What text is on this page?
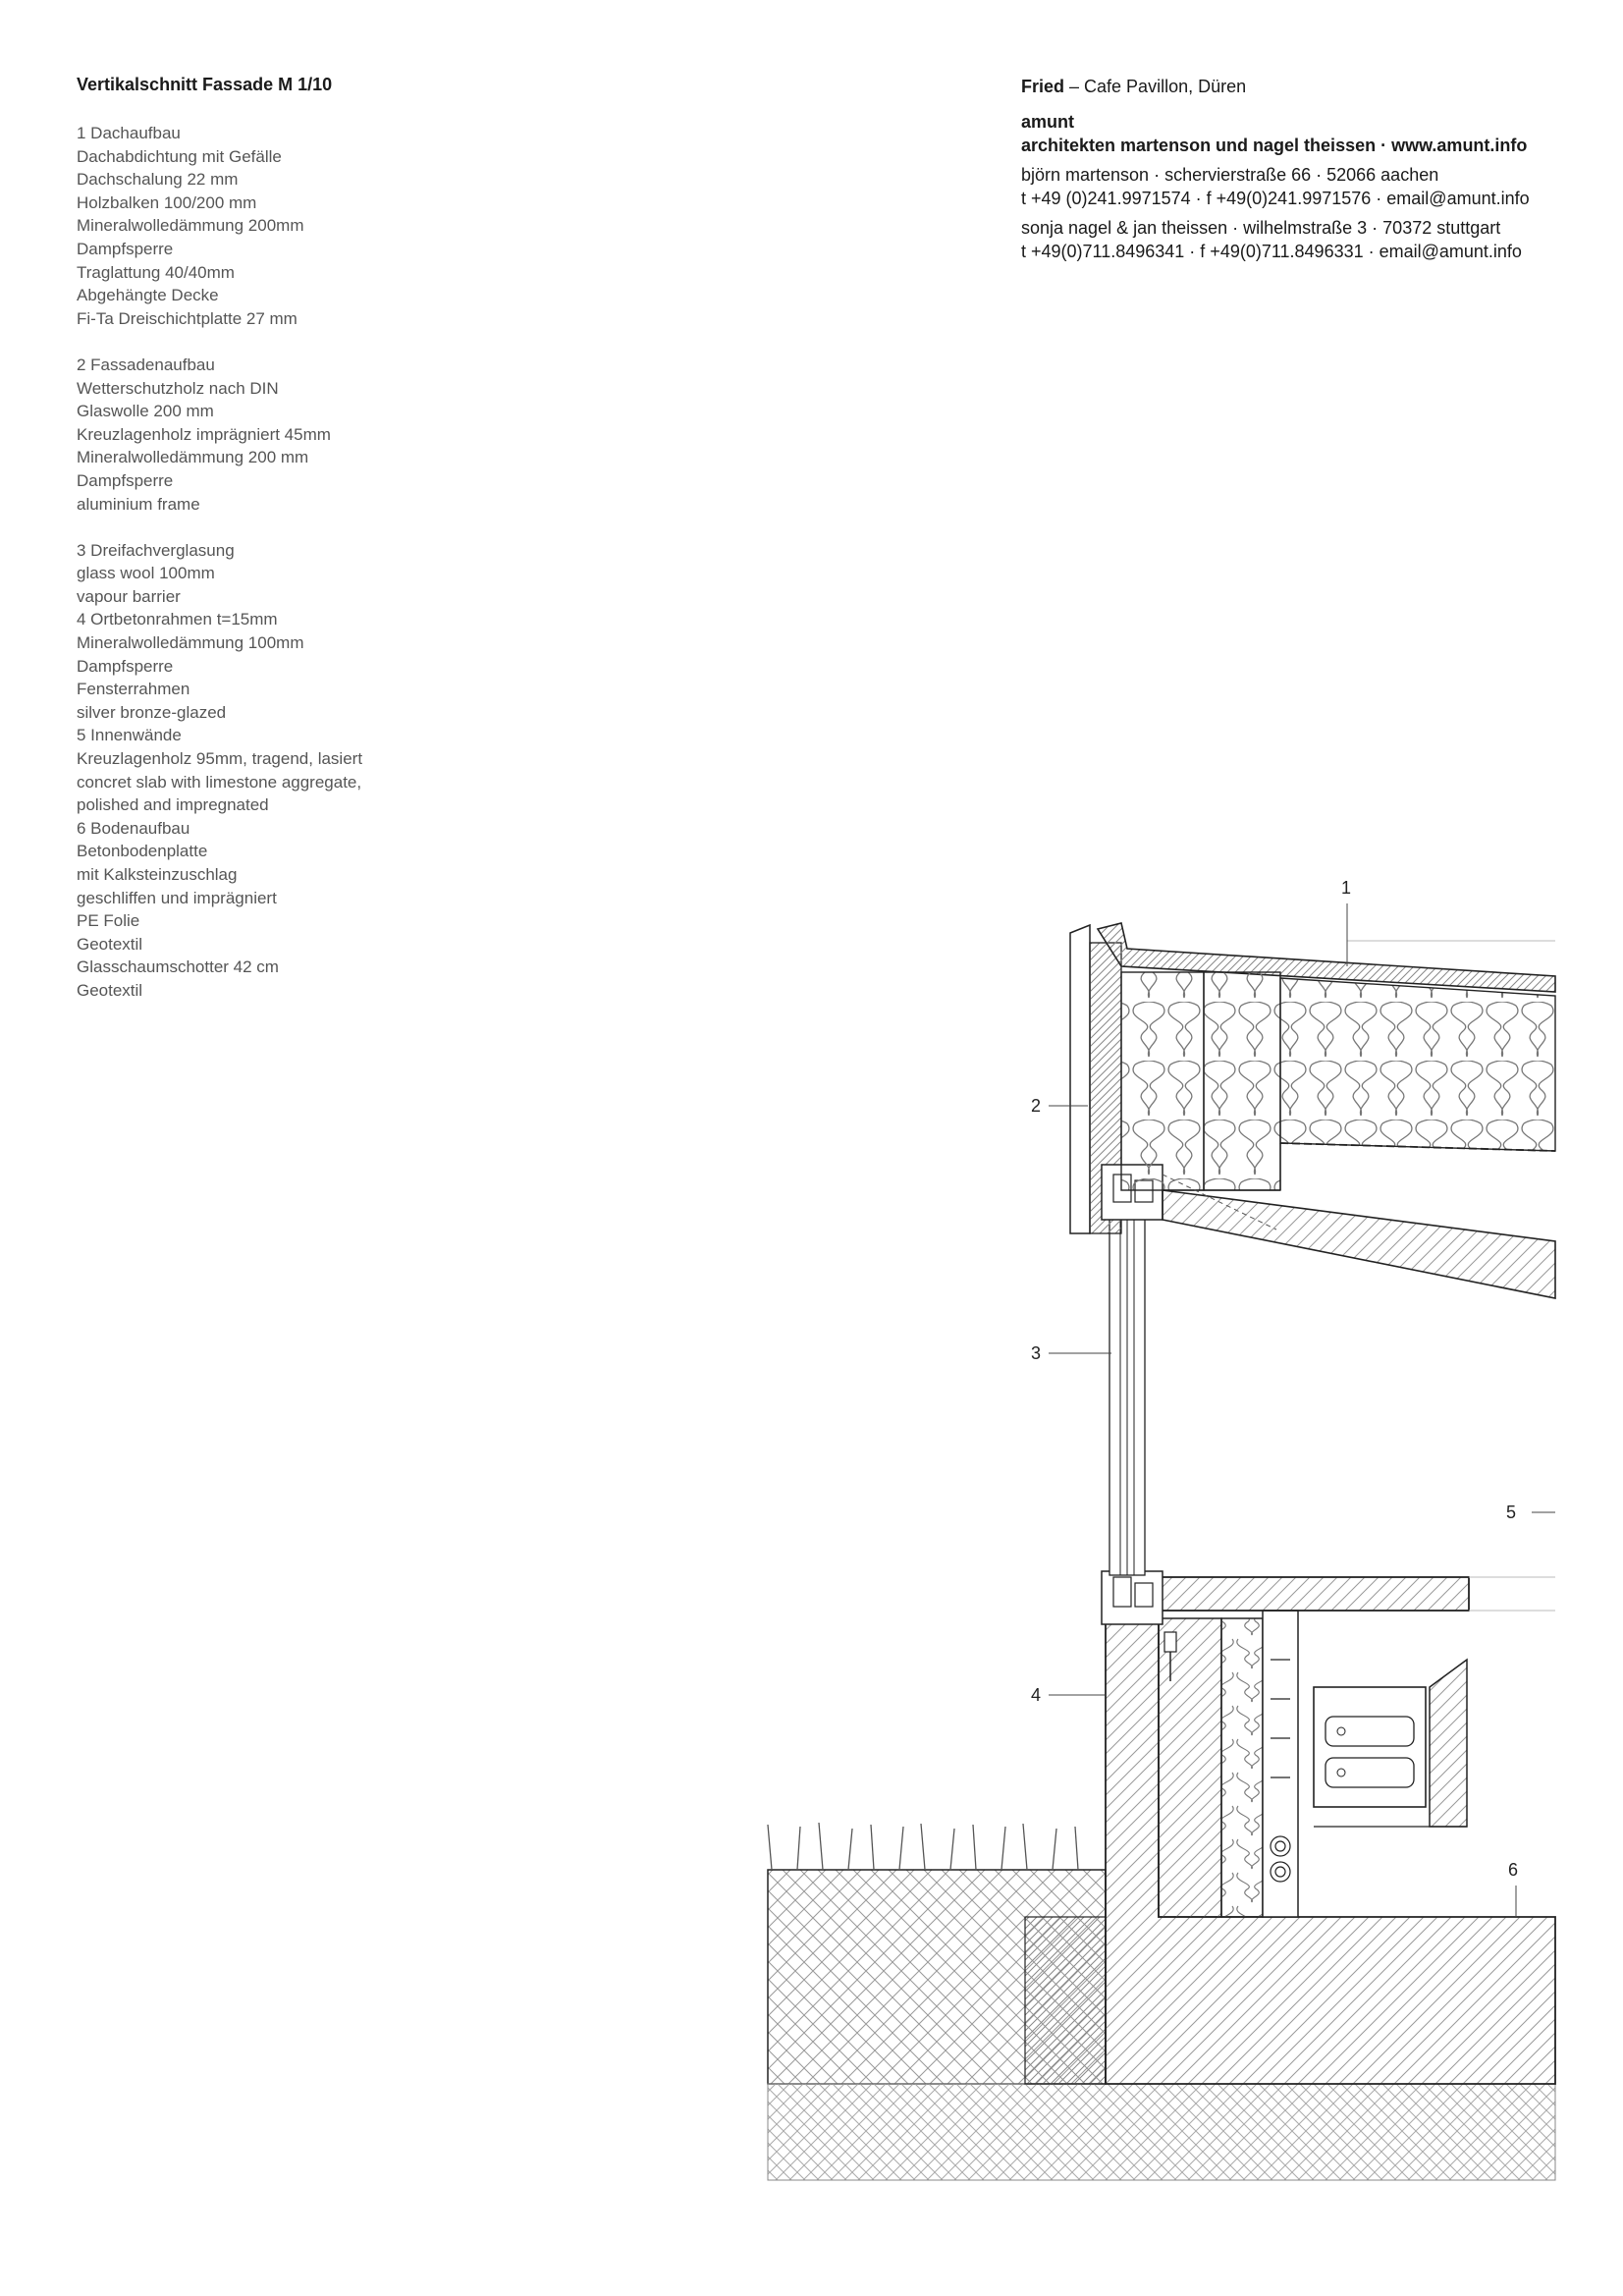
Vertikalschnitt Fassade M 1/10
1 Dachaufbau
Dachabdichtung mit Gefälle
Dachschalung 22 mm
Holzbalken 100/200 mm
Mineralwolledämmung 200mm
Dampfsperre
Traglattung 40/40mm
Abgehängte Decke
Fi-Ta Dreischichtplatte 27 mm
2 Fassadenaufbau
Wetterschutzholz nach DIN
Glaswolle 200 mm
Kreuzlagenholz imprägniert 45mm
Mineralwolledämmung 200 mm
Dampfsperre
aluminium frame
3 Dreifachverglasung
glass wool 100mm
vapour barrier
4 Ortbetonrahmen t=15mm
Mineralwolledämmung 100mm
Dampfsperre
Fensterrahmen
silver bronze-glazed
5 Innenwände
Kreuzlagenholz 95mm, tragend, lasiert
concret slab with limestone aggregate,
polished and impregnated
6 Bodenaufbau
Betonbodenplatte
mit Kalksteinzuschlag
geschliffen und imprägniert
PE Folie
Geotextil
Glasschaumschotter 42 cm
Geotextil
Fried – Cafe Pavillon, Düren
amunt
architekten martenson und nagel theissen · www.amunt.info
björn martenson · schervierstraße 66 · 52066 aachen
t +49 (0)241.9971574 · f +49(0)241.9971576 · email@amunt.info
sonja nagel & jan theissen · wilhelmstraße 3 · 70372 stuttgart
t +49(0)711.8496341 · f +49(0)711.8496331 · email@amunt.info
1
2
3
4
5
6
